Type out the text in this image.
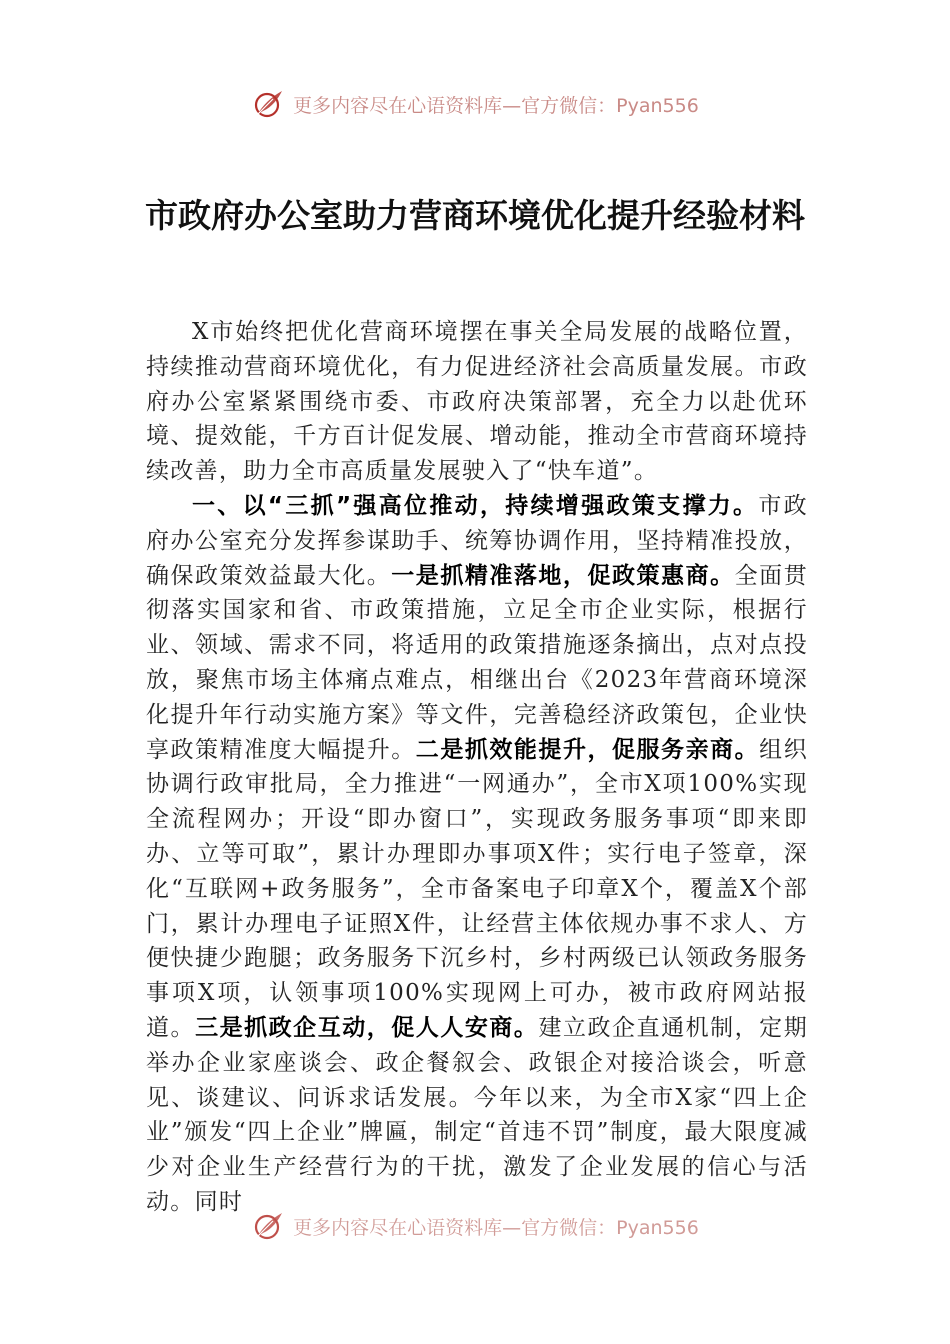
更多内容尽在心语资料库—官方微信：Pyan556
市政府办公室助力营商环境优化提升经验材料

X市始终把优化营商环境摆在事关全局发展的战略位置，持续推动营商环境优化，有力促进经济社会高质量发展。市政府办公室紧紧围绕市委、市政府决策部署，充全力以赴优环境、提效能，千方百计促发展、增动能，推动全市营商环境持续改善，助力全市高质量发展驶入了“快车道”。

一、以“三抓”强高位推动，持续增强政策支撑力。市政府办公室充分发挥参谋助手、统筹协调作用，坚持精准投放，确保政策效益最大化。一是抓精准落地，促政策惠商。全面贯彻落实国家和省、市政策措施，立足全市企业实际，根据行业、领域、需求不同，将适用的政策措施逐条摘出，点对点投放，聚焦市场主体痛点难点，相继出台《2023年营商环境深化提升年行动实施方案》等文件，完善稳经济政策包，企业快享政策精准度大幅提升。二是抓效能提升，促服务亲商。组织协调行政审批局，全力推进“一网通办”，全市X项100%实现全流程网办；开设“即办窗口”，实现政务服务事项“即来即办、立等可取”，累计办理即办事项X件；实行电子签章，深化“互联网+政务服务”，全市备案电子印章X个，覆盖X个部门，累计办理电子证照X件，让经营主体依规办事不求人、方便快捷少跑腿；政务服务下沉乡村，乡村两级已认领政务服务事项X项，认领事项100%实现网上可办，被市政府网站报道。三是抓政企互动，促人人安商。建立政企直通机制，定期举办企业家座谈会、政企餐叙会、政银企对接洽谈会，听意见、谈建议、问诉求话发展。今年以来，为全市X家“四上企业”颁发“四上企业”牌匾，制定“首违不罚”制度，最大限度减少对企业生产经营行为的干扰，激发了企业发展的信心与活动。同时

更多内容尽在心语资料库—官方微信：Pyan556
